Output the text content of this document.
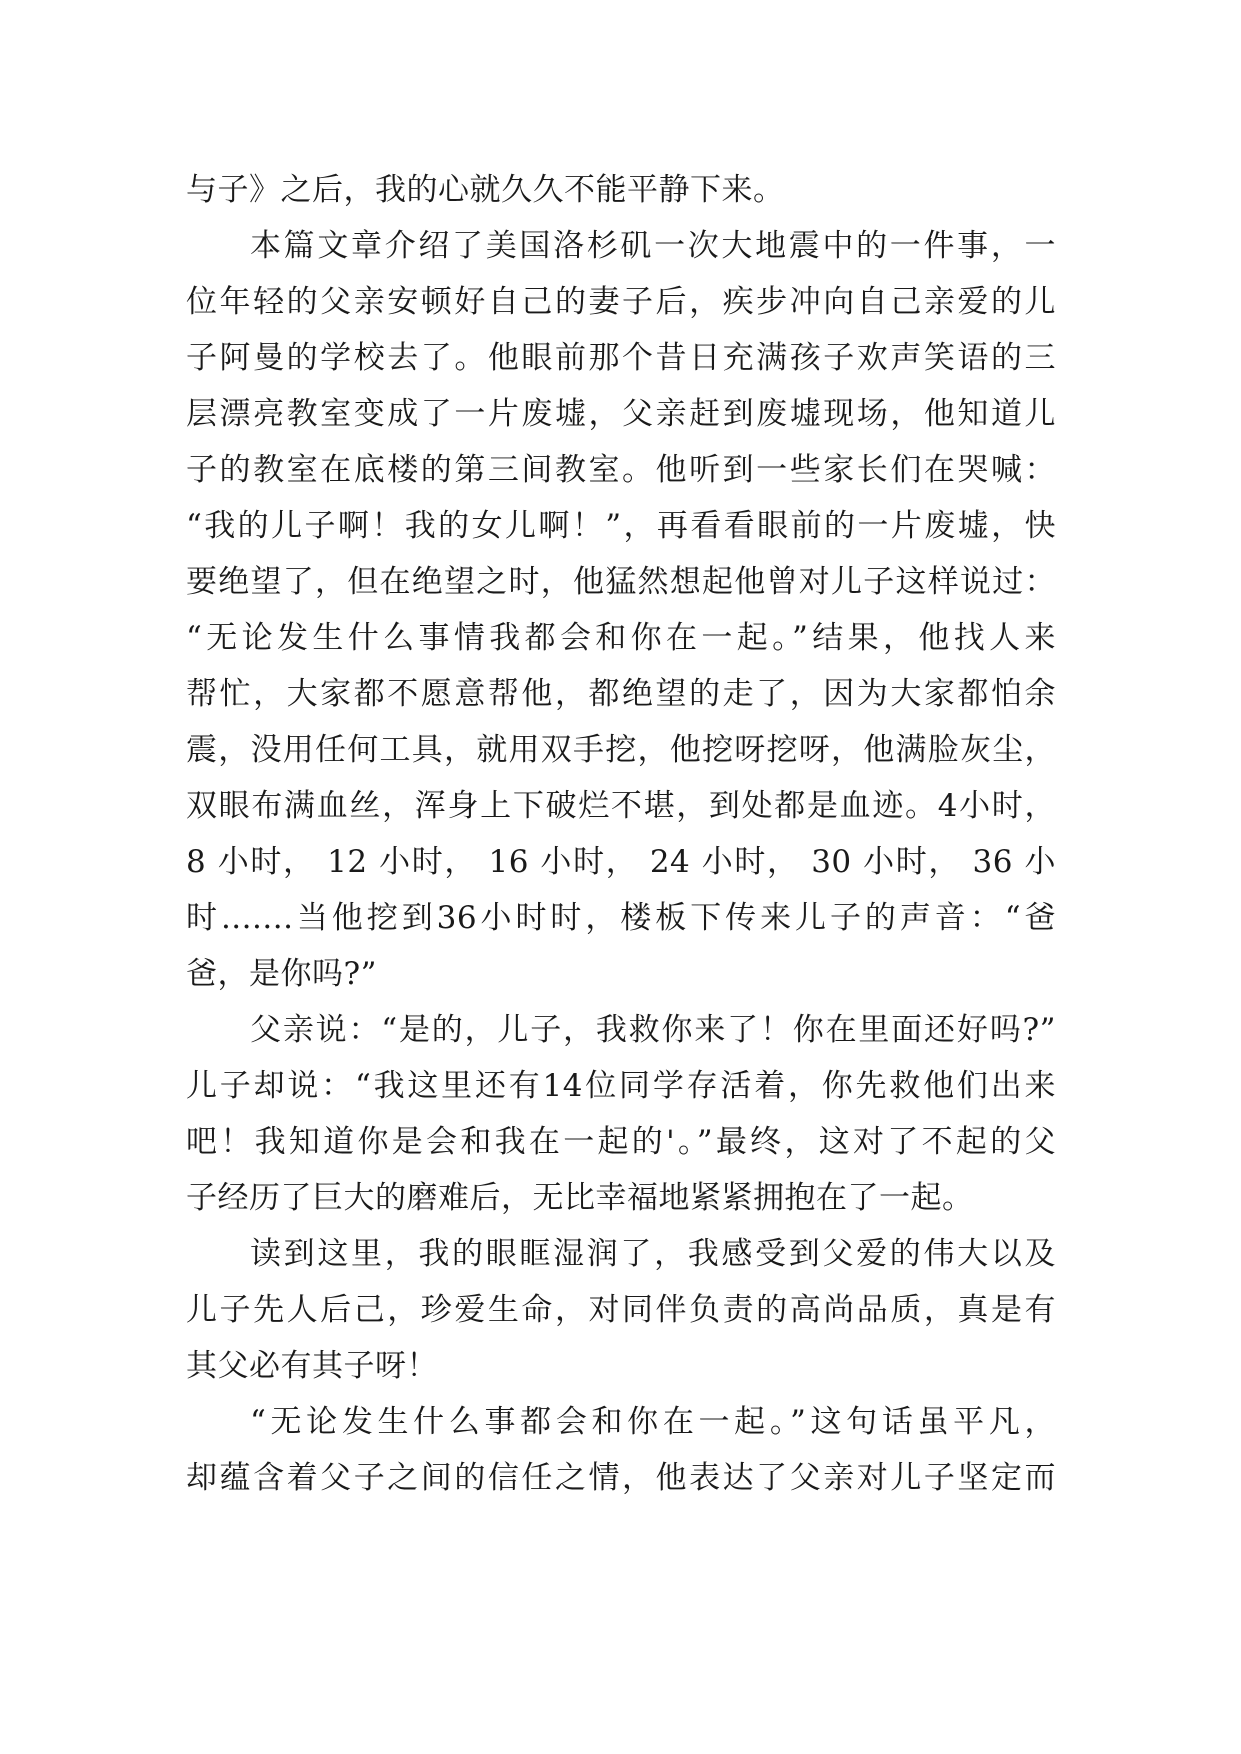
与子》之后，我的心就久久不能平静下来。
本篇文章介绍了美国洛杉矶一次大地震中的一件事，一
位年轻的父亲安顿好自己的妻子后，疾步冲向自己亲爱的儿
子阿曼的学校去了。他眼前那个昔日充满孩子欢声笑语的三
层漂亮教室变成了一片废墟，父亲赶到废墟现场，他知道儿
子的教室在底楼的第三间教室。他听到一些家长们在哭喊：
“我的儿子啊！我的女儿啊！”，再看看眼前的一片废墟，快
要绝望了，但在绝望之时，他猛然想起他曾对儿子这样说过：
“无论发生什么事情我都会和你在一起。”结果，他找人来
帮忙，大家都不愿意帮他，都绝望的走了，因为大家都怕余
震，没用任何工具，就用双手挖，他挖呀挖呀，他满脸灰尘，
双眼布满血丝，浑身上下破烂不堪，到处都是血迹。4小时，
8 小时， 12 小时， 16 小时， 24 小时， 30 小时， 36 小
时.......当他挖到36小时时，楼板下传来儿子的声音：“爸
爸，是你吗?”
父亲说：“是的，儿子，我救你来了！你在里面还好吗?”
儿子却说：“我这里还有14位同学存活着，你先救他们出来
吧！我知道你是会和我在一起的'。”最终，这对了不起的父
子经历了巨大的磨难后，无比幸福地紧紧拥抱在了一起。
读到这里，我的眼眶湿润了，我感受到父爱的伟大以及
儿子先人后己，珍爱生命，对同伴负责的高尚品质，真是有
其父必有其子呀！
“无论发生什么事都会和你在一起。”这句话虽平凡，
却蕴含着父子之间的信任之情，他表达了父亲对儿子坚定而
